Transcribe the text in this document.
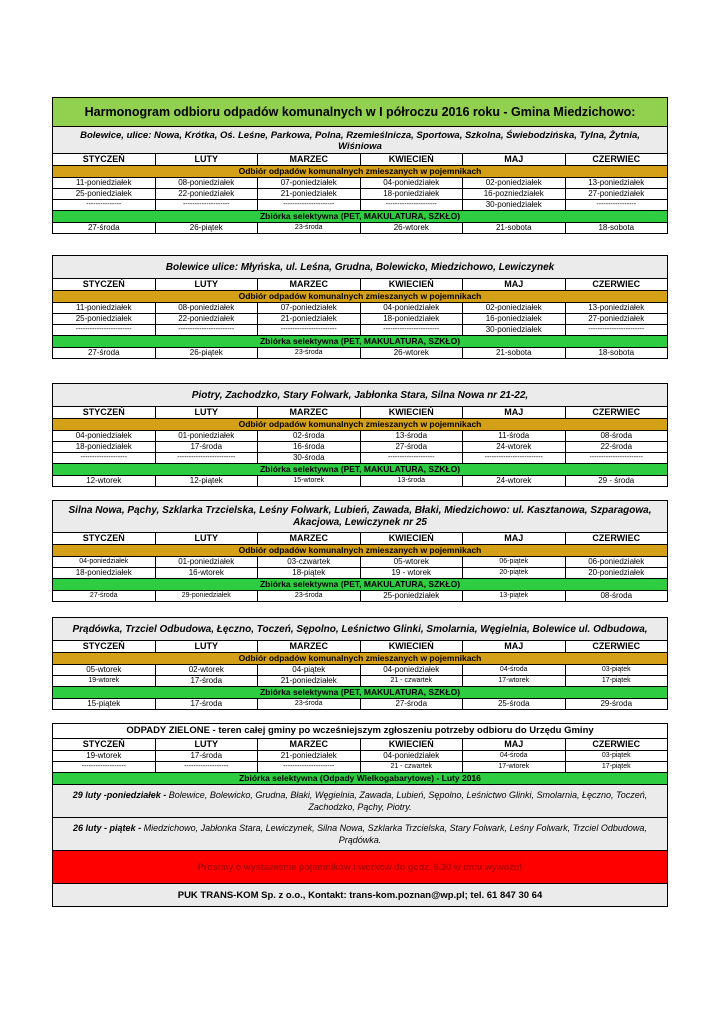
Harmonogram odbioru odpadów komunalnych w I półroczu 2016 roku - Gmina Miedzichowo:
Bolewice, ulice: Nowa, Krótka, Oś. Leśne, Parkowa, Polna, Rzemieślnicza, Sportowa, Szkolna, Świebodzińska, Tylna, Żytnia, Wiśniowa
STYCZEŃ	LUTY	MARZEC	KWIECIEŃ	MAJ	CZERWIEC
Odbiór odpadów komunalnych zmieszanych w pojemnikach					
11-poniedziałek	08-poniedziałek	07-poniedziałek	04-poniedziałek	02-poniedziałek	13-poniedziałek
25-poniedziałek	22-poniedziałek	21-poniedziałek	18-poniedziałek	16-pozniedziałek	27-poniedziałek
---------------	--------------------	----------------------	----------------------	30-poniedziałek	-----------------
Zbiórka selektywna (PET, MAKULATURA, SZKŁO)					
27-środa	26-piątek	23-środa	26-wtorek	21-sobota	18-sobota
Bolewice ulice: Młyńska, ul. Leśna, Grudna, Bolewicko, Miedzichowo, Lewiczynek
STYCZEŃ	LUTY	MARZEC	KWIECIEŃ	MAJ	CZERWIEC
Odbiór odpadów komunalnych zmieszanych w pojemnikach					
11-poniedziałek	08-poniedziałek	07-poniedziałek	04-poniedziałek	02-poniedziałek	13-poniedziałek
25-poniedziałek	22-poniedziałek	21-poniedziałek	18-poniedziałek	16-poniedziałek	27-poniedziałek
------------------------	------------------------	------------------------	------------------------	30-poniedziałek	------------------------
Zbiórka selektywna (PET, MAKULATURA, SZKŁO)					
27-środa	26-piątek	23-środa	26-wtorek	21-sobota	18-sobota
Piotry, Zachodzko, Stary Folwark, Jabłonka Stara, Silna Nowa nr 21-22,
STYCZEŃ	LUTY	MARZEC	KWIECIEŃ	MAJ	CZERWIEC
Odbiór odpadów komunalnych zmieszanych w pojemnikach					
04-poniedziałek	01-poniedziałek	02-środa	13-środa	11-środa	08-środa
18-poniedziałek	17-środa	16-środa	27-środa	24-wtorek	22-środa
--------------------	-------------------------	30-środa	--------------------	-------------------------	-----------------------
Zbiórka selektywna (PET, MAKULATURA, SZKŁO)					
12-wtorek	12-piątek	15-wtorek	13-środa	24-wtorek	29 - środa
Silna Nowa, Pąchy, Szklarka Trzcielska, Leśny Folwark, Lubień, Zawada, Błaki, Miedzichowo: ul. Kasztanowa, Szparagowa, Akacjowa, Lewiczynek nr 25
STYCZEŃ	LUTY	MARZEC	KWIECIEŃ	MAJ	CZERWIEC
Odbiór odpadów komunalnych zmieszanych w pojemnikach					
04-poniedziałek	01-poniedziałek	03-czwartek	05-wtorek	06-piątek	06-poniedziałek
18-poniedziałek	16-wtorek	18-piątek	19 - wtorek	20-piątek	20-poniedziałek
Zbiórka selektywna (PET, MAKULATURA, SZKŁO)					
27-środa	29-poniedziałek	23-środa	25-poniedziałek	13-piątek	08-środa
Prądówka, Trzciel Odbudowa, Łęczno, Toczeń, Sępolno, Leśnictwo Glinki, Smolarnia, Węgielnia, Bolewice ul. Odbudowa,
STYCZEŃ	LUTY	MARZEC	KWIECIEŃ	MAJ	CZERWIEC
Odbiór odpadów komunalnych zmieszanych w pojemnikach					
05-wtorek	02-wtorek	04-piątek	04-poniedziałek	04-środa	03-piątek
19-wtorek	17-środa	21-poniedziałek	21 - czwartek	17-wtorek	17-piątek
Zbiórka selektywna (PET, MAKULATURA, SZKŁO)					
15-piątek	17-środa	23-środa	27-środa	25-środa	29-środa
ODPADY ZIELONE - teren całej gminy po wcześniejszym zgłoszeniu potrzeby odbioru do Urzędu Gminy
STYCZEŃ	LUTY	MARZEC	KWIECIEŃ	MAJ	CZERWIEC
19-wtorek	17-środa	21-poniedziałek	04-poniedziałek	04-środa	03-piątek
-------------------	-------------------	----------------------	21 - czwartek	17-wtorek	17-piątek
Zbiórka selektywna (Odpady Wielkogabarytowe) - Luty 2016					
29 luty -poniedziałek - Bolewice, Bolewicko, Grudna, Błaki, Węgielnia, Zawada, Lubień, Sępolno, Leśnictwo Glinki, Smolarnia, Łęczno, Toczeń, Zachodzko, Pąchy, Piotry.
26 luty - piątek - Miedzichowo, Jabłonka Stara, Lewiczynek, Silna Nowa, Szklarka Trzcielska, Stary Folwark, Leśny Folwark, Trzciel Odbudowa, Prądówka.
Prosimy o wystawienie pojemników i worków do godz. 6.30 w dniu wywozu!
PUK TRANS-KOM Sp. z o.o., Kontakt: trans-kom.poznan@wp.pl; tel. 61 847 30 64
